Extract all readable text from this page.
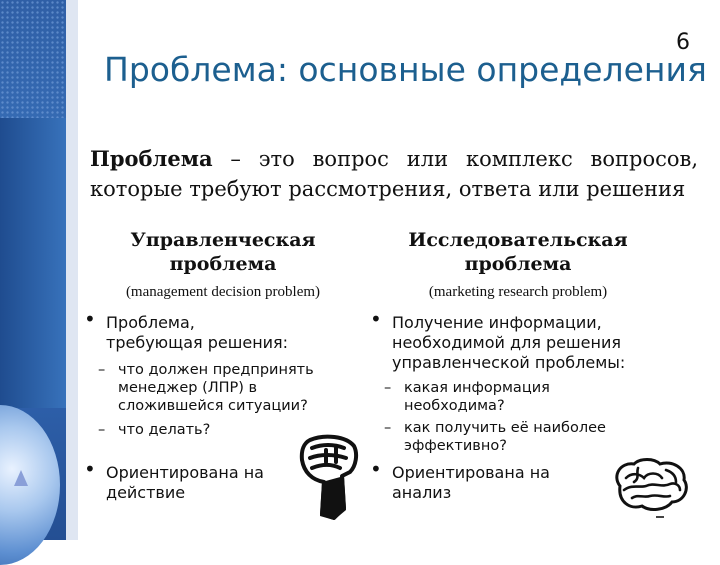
6
Проблема: основные определения
Проблема – это вопрос или комплекс вопросов, которые требуют рассмотрения, ответа или решения
Управленческая
проблема
(management decision problem)
• Проблема,
требующая решения:
– что должен предпринять
менеджер (ЛПР) в
сложившейся ситуации?
– что делать?
• Ориентирована на
действие
Исследовательская
проблема
(marketing research problem)
• Получение информации,
необходимой для решения
управленческой проблемы:
– какая информация
необходима?
– как получить её наиболее
эффективно?
• Ориентирована на
анализ
